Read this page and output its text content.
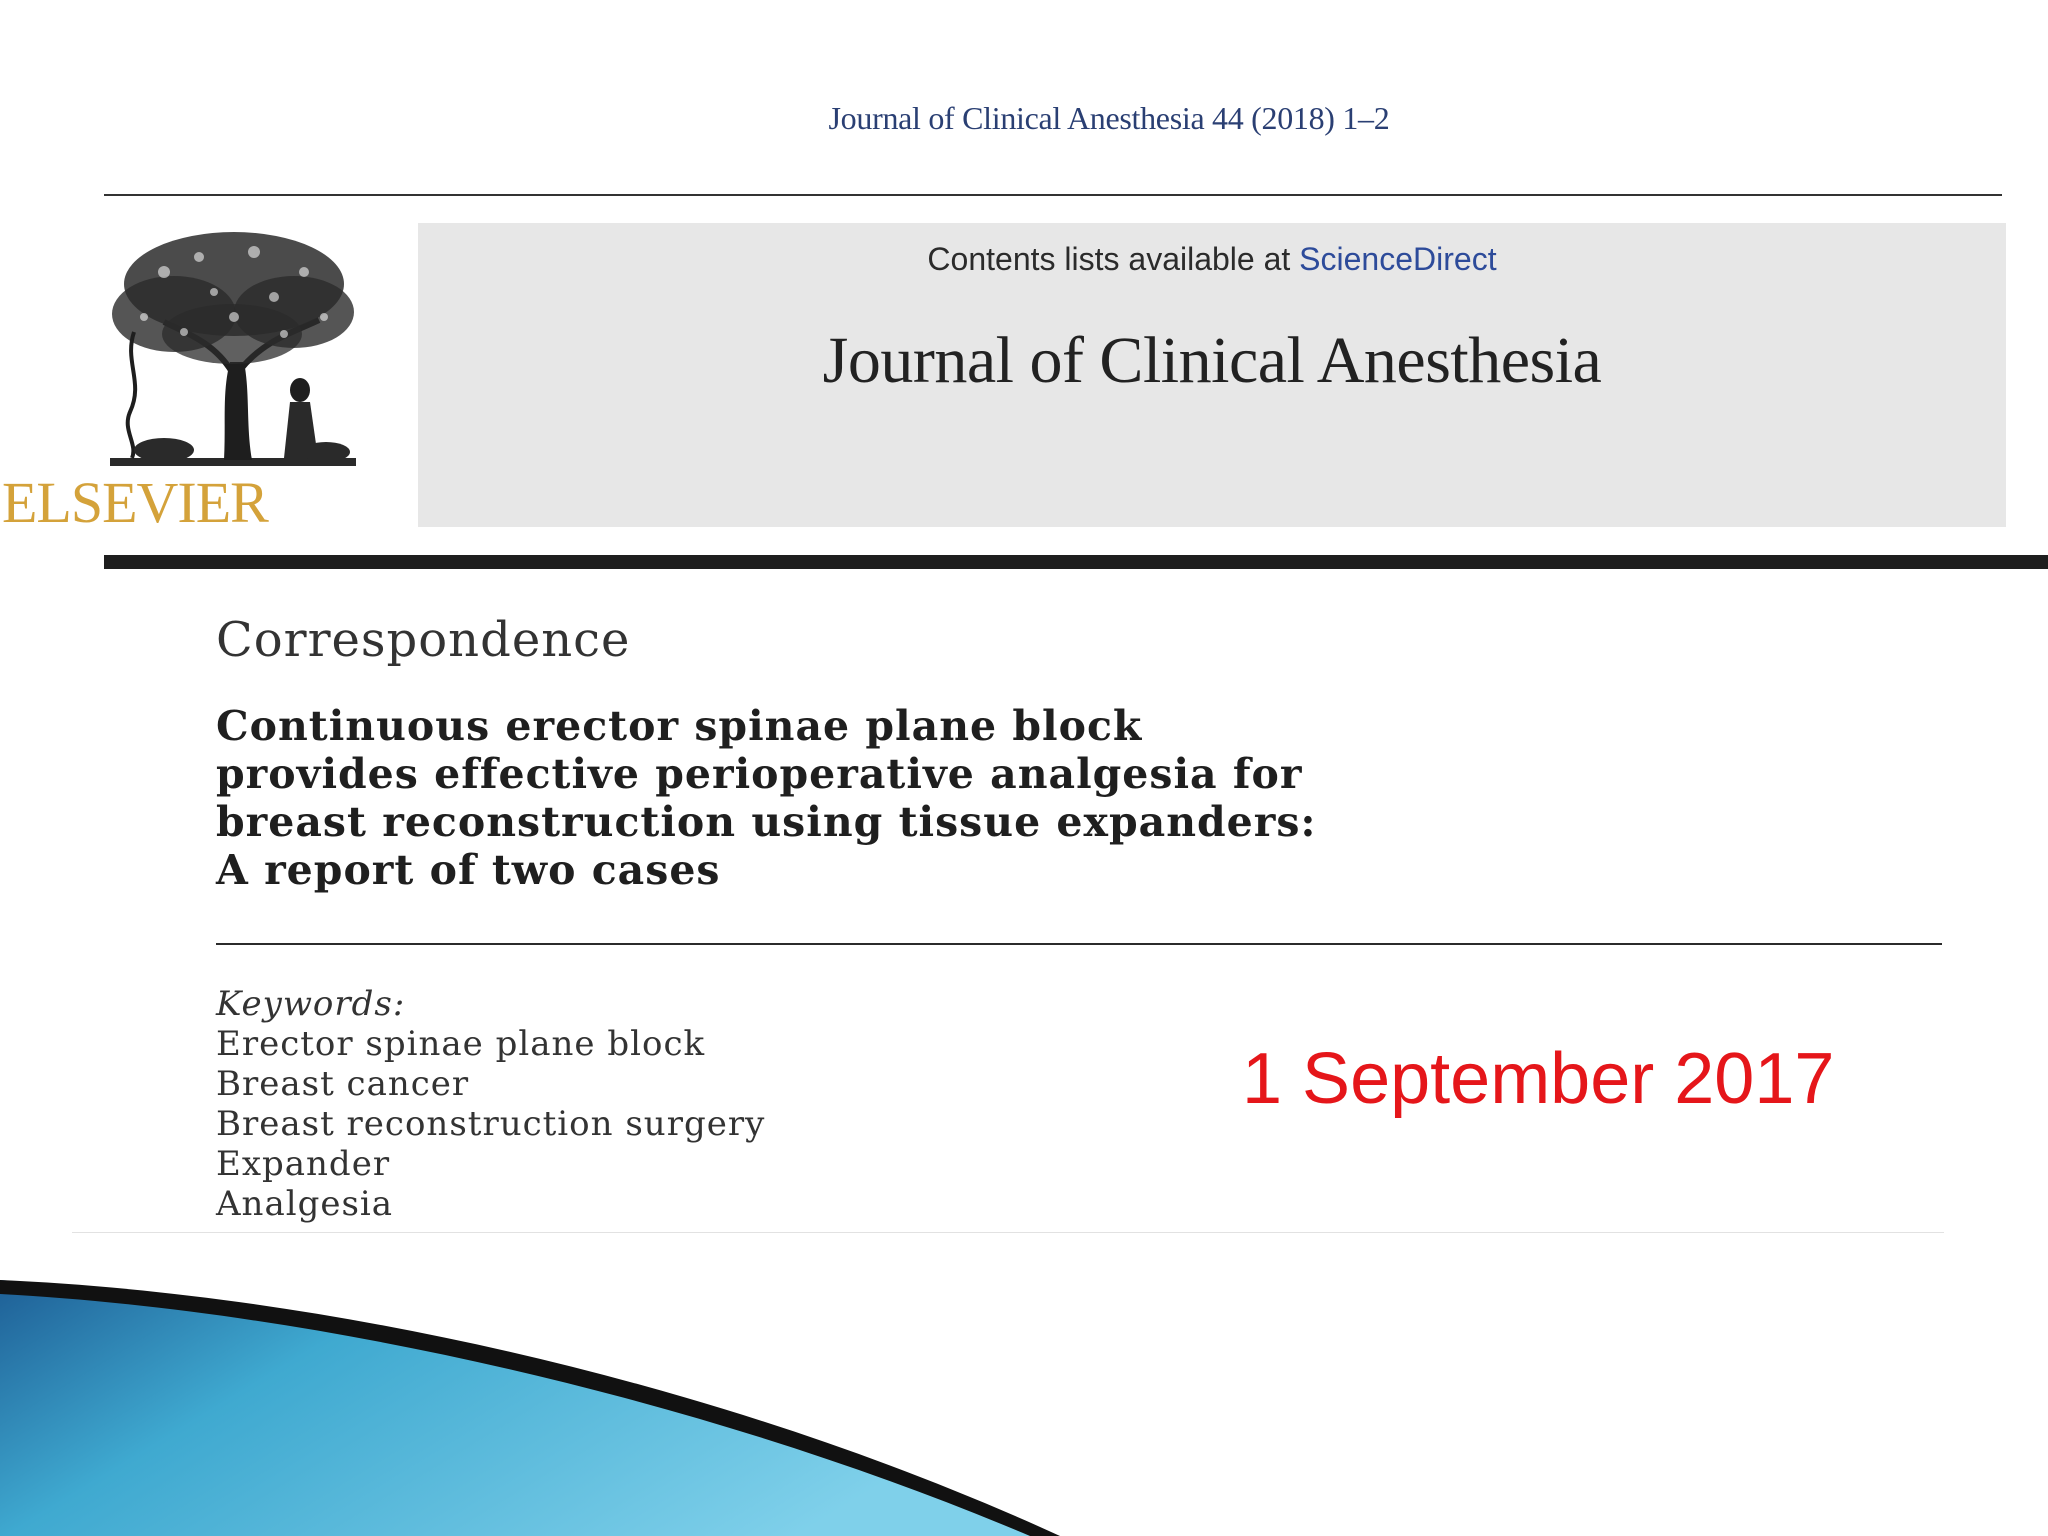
Journal of Clinical Anesthesia 44 (2018) 1–2
ELSEVIER
Contents lists available at ScienceDirect
Journal of Clinical Anesthesia
Correspondence
Continuous erector spinae plane block
provides effective perioperative analgesia for
breast reconstruction using tissue expanders:
A report of two cases
Keywords:
Erector spinae plane block
Breast cancer
Breast reconstruction surgery
Expander
Analgesia
1 September 2017
